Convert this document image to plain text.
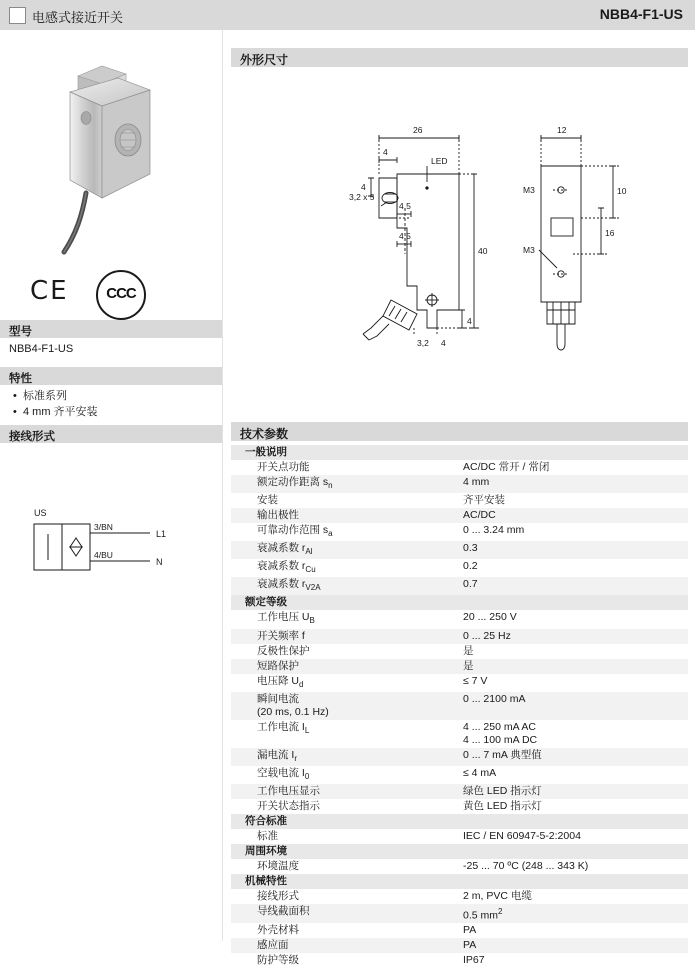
电感式接近开关	NBB4-F1-US
CE	CCC
型号
NBB4-F1-US
特性
• 标准系列
• 4 mm 齐平安装
接线形式
US
3/BN
4/BU
L1
N
外形尺寸
26
4
LED
4
3,2 x 5
4,5
4,5
40
4
3,2 4
12
M3
M3
10
16
技术参数
一般说明	
开关点功能	AC/DC 常开 / 常闭
额定动作距离 $s_n$	4 mm
安装	齐平安装
输出极性	AC/DC
可靠动作范围 $s_a$	0 ... 3.24 mm
衰减系数 $r_{Al}$	0.3
衰减系数 $r_{Cu}$	0.2
衰减系数 $r_{V2A}$	0.7
额定等级	
工作电压 $U_B$	20 ... 250 V
开关频率 f	0 ... 25 Hz
反极性保护	是
短路保护	是
电压降 $U_d$	≤ 7 V
瞬间电流
(20 ms, 0.1 Hz)	0 ... 2100 mA
工作电流 $I_L$	4 ... 250 mA AC
4 ... 100 mA DC
漏电流 $I_r$	0 ... 7 mA 典型值
空载电流 $I_0$	≤ 4 mA
工作电压显示	绿色 LED 指示灯
开关状态指示	黄色 LED 指示灯
符合标准	
标准	IEC / EN 60947-5-2:2004
周围环境	
环境温度	-25 ... 70 ºC (248 ... 343 K)
机械特性	
接线形式	2 m, PVC 电缆
导线截面积	0.5 $mm^2$
外壳材料	PA
感应面	PA
防护等级	IP67
